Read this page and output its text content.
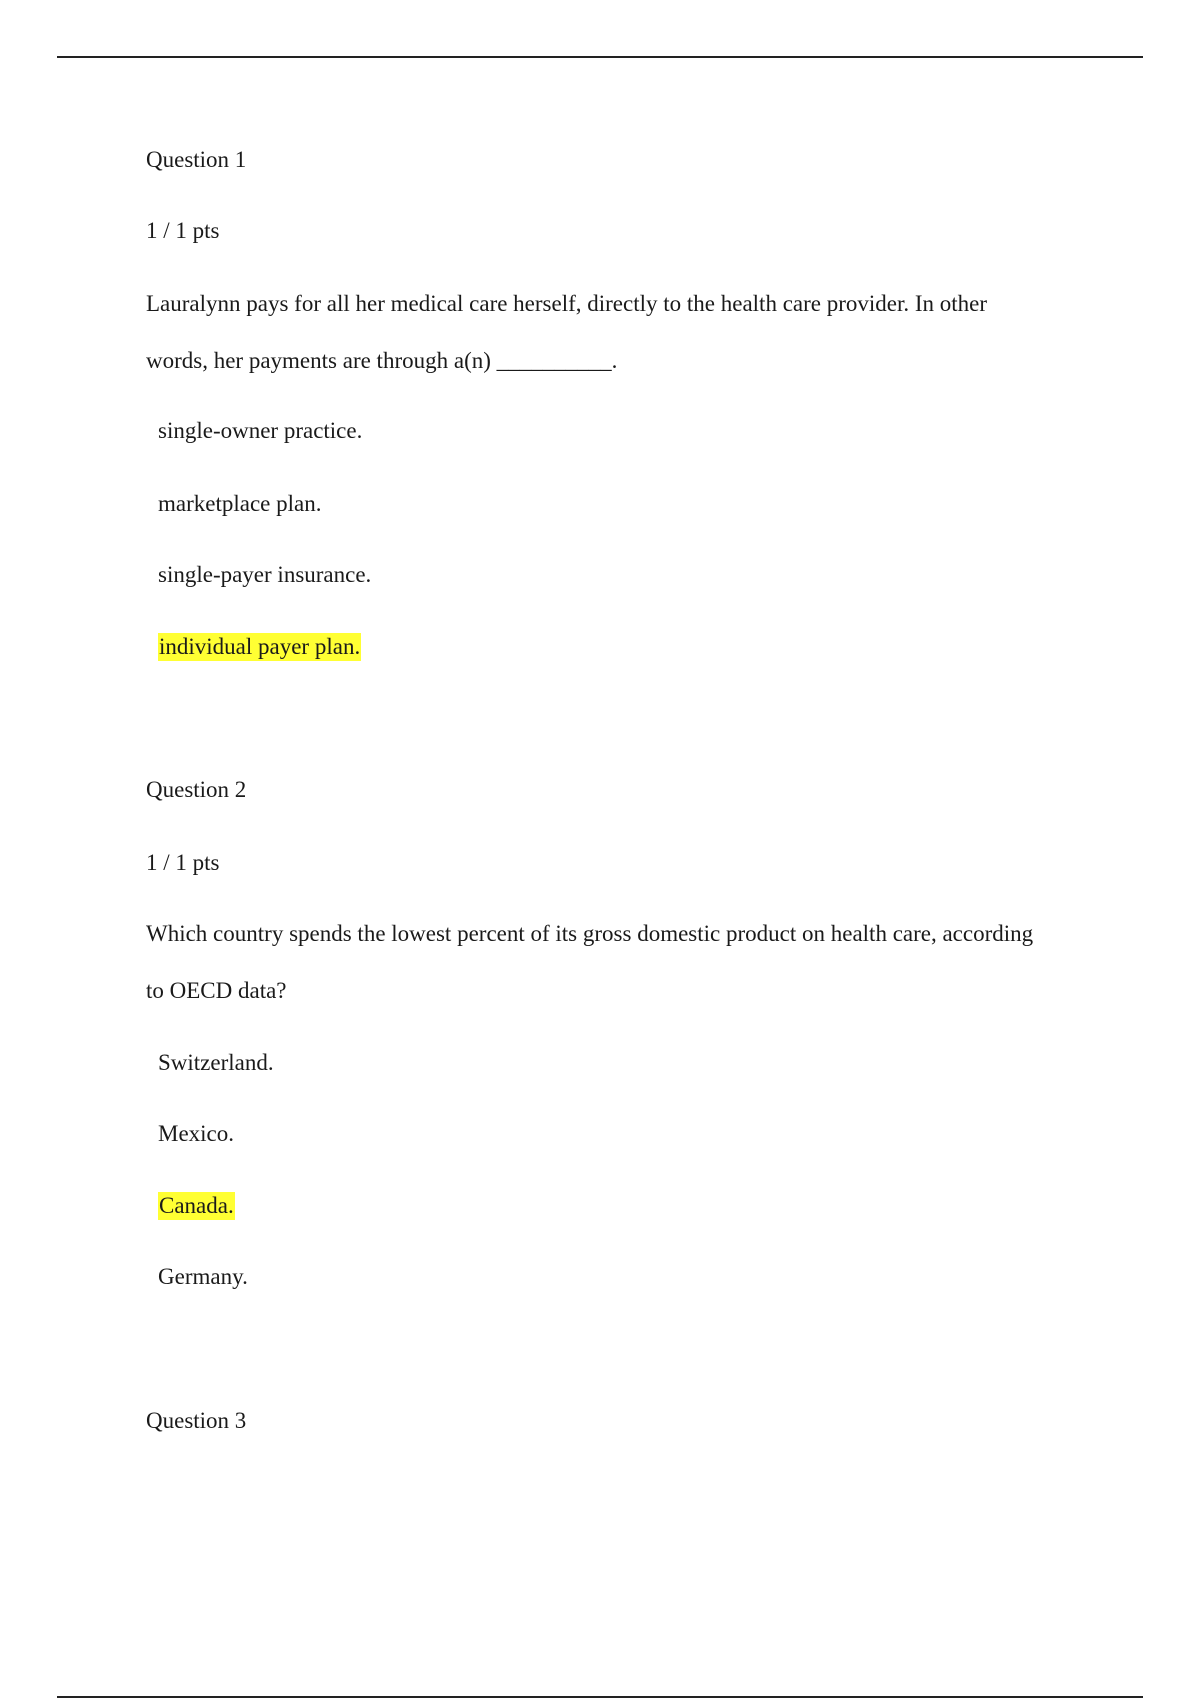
Question 1
1 / 1 pts
Lauralynn pays for all her medical care herself, directly to the health care provider. In other
words, her payments are through a(n) __________.
single-owner practice.
marketplace plan.
single-payer insurance.
individual payer plan.
Question 2
1 / 1 pts
Which country spends the lowest percent of its gross domestic product on health care, according
to OECD data?
Switzerland.
Mexico.
Canada.
Germany.
Question 3
